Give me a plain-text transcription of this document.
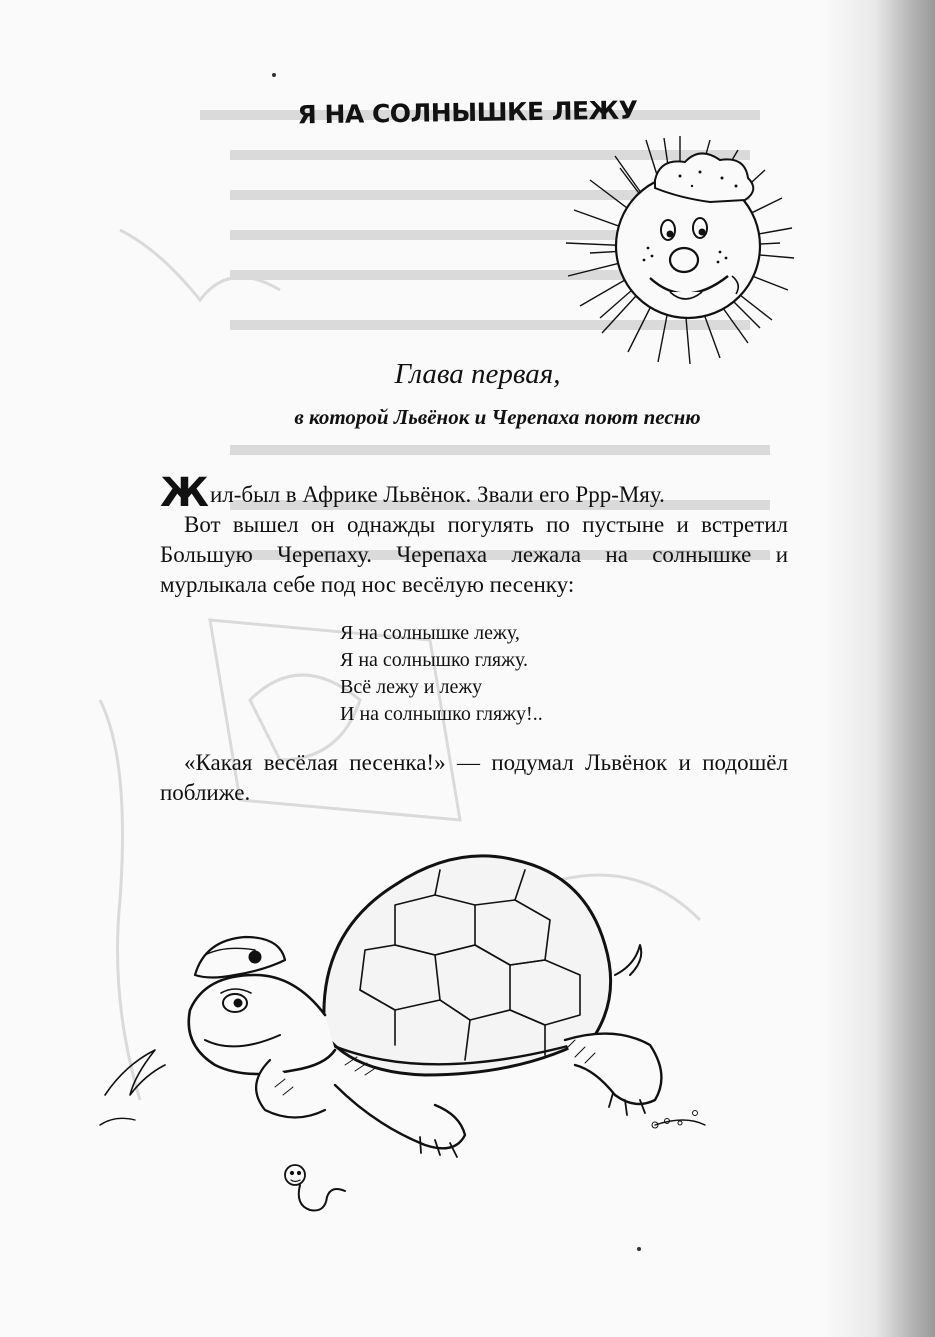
Я НА СОЛНЫШКЕ ЛЕЖУ
Глава первая,
в которой Львёнок и Черепаха поют песню

Жил-был в Африке Львёнок. Звали его Ррр-Мяу.

Вот вышел он однажды погулять по пустыне и встретил Большую Черепаху. Черепаха лежала на солнышке и мурлыкала себе под нос весёлую песенку:

Я на солнышке лежу,
Я на солнышко гляжу.
Всё лежу и лежу
И на солнышко гляжу!..

«Какая весёлая песенка!» — подумал Львёнок и подошёл поближе.
